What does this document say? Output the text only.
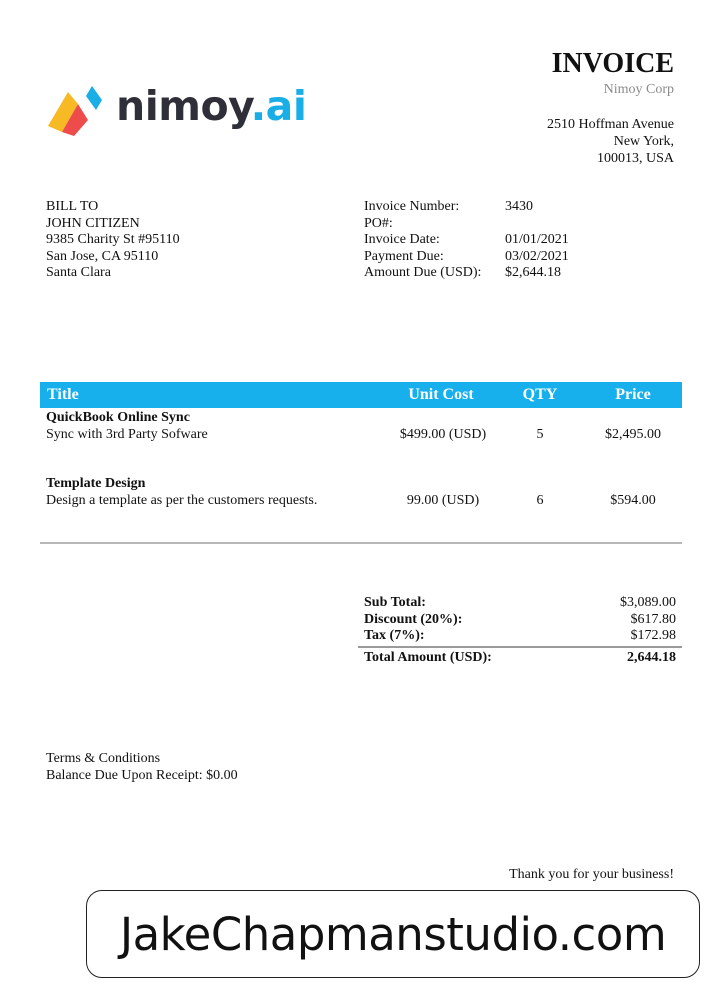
nimoy.ai
INVOICE
Nimoy Corp
2510 Hoffman Avenue
New York,
100013, USA
BILL TO
JOHN CITIZEN
9385 Charity St #95110
San Jose, CA 95110
Santa Clara
Invoice Number:	3430
PO#:
Invoice Date:	01/01/2021
Payment Due:	03/02/2021
Amount Due (USD):	$2,644.18
Title	Unit Cost	QTY	Price
QuickBook Online Sync
Sync with 3rd Party Sofware	$499.00 (USD)	5	$2,495.00
Template Design
Design a template as per the customers requests.	99.00 (USD)	6	$594.00
Sub Total:	$3,089.00
Discount (20%):	$617.80
Tax (7%):	$172.98
Total Amount (USD):	2,644.18
Terms & Conditions
Balance Due Upon Receipt: $0.00
Thank you for your business!
JakeChapmanstudio.com
